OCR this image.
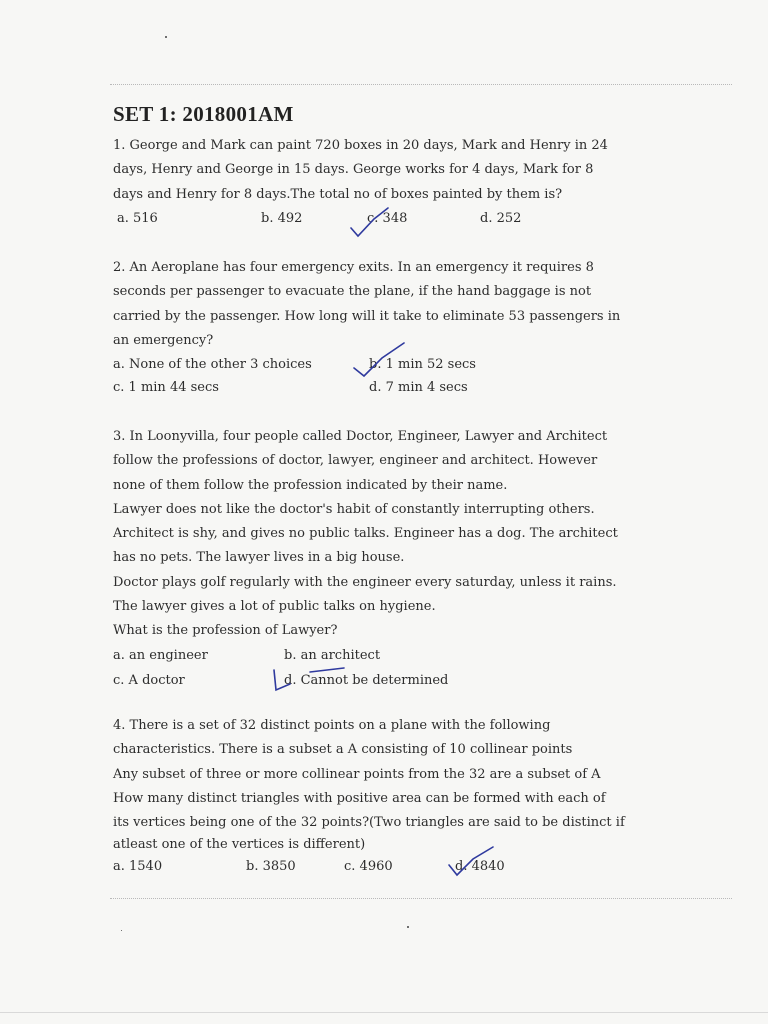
SET 1: 2018001AM
1. George and Mark can paint 720 boxes in 20 days, Mark and Henry in 24
days, Henry and George in 15 days. George works for 4 days, Mark for 8
days and Henry for 8 days.The total no of boxes painted by them is?
a. 516	b. 492	c. 348	d. 252
2. An Aeroplane has four emergency exits. In an emergency it requires 8
seconds per passenger to evacuate the plane, if the hand baggage is not
carried by the passenger. How long will it take to eliminate 53 passengers in
an emergency?
a. None of the other 3 choices	b. 1 min 52 secs
c. 1 min 44 secs	d. 7 min 4 secs
3. In Loonyvilla, four people called Doctor, Engineer, Lawyer and Architect
follow the professions of doctor, lawyer, engineer and architect. However
none of them follow the profession indicated by their name.
Lawyer does not like the doctor's habit of constantly interrupting others.
Architect is shy, and gives no public talks. Engineer has a dog. The architect
has no pets. The lawyer lives in a big house.
Doctor plays golf regularly with the engineer every saturday, unless it rains.
The lawyer gives a lot of public talks on hygiene.
What is the profession of Lawyer?
a. an engineer	b. an architect
c. A doctor	d. Cannot be determined
4. There is a set of 32 distinct points on a plane with the following
characteristics. There is a subset a A consisting of 10 collinear points
Any subset of three or more collinear points from the 32 are a subset of A
How many distinct triangles with positive area can be formed with each of
its vertices being one of the 32 points?(Two triangles are said to be distinct if
atleast one of the vertices is different)
a. 1540	b. 3850	c. 4960	d. 4840
